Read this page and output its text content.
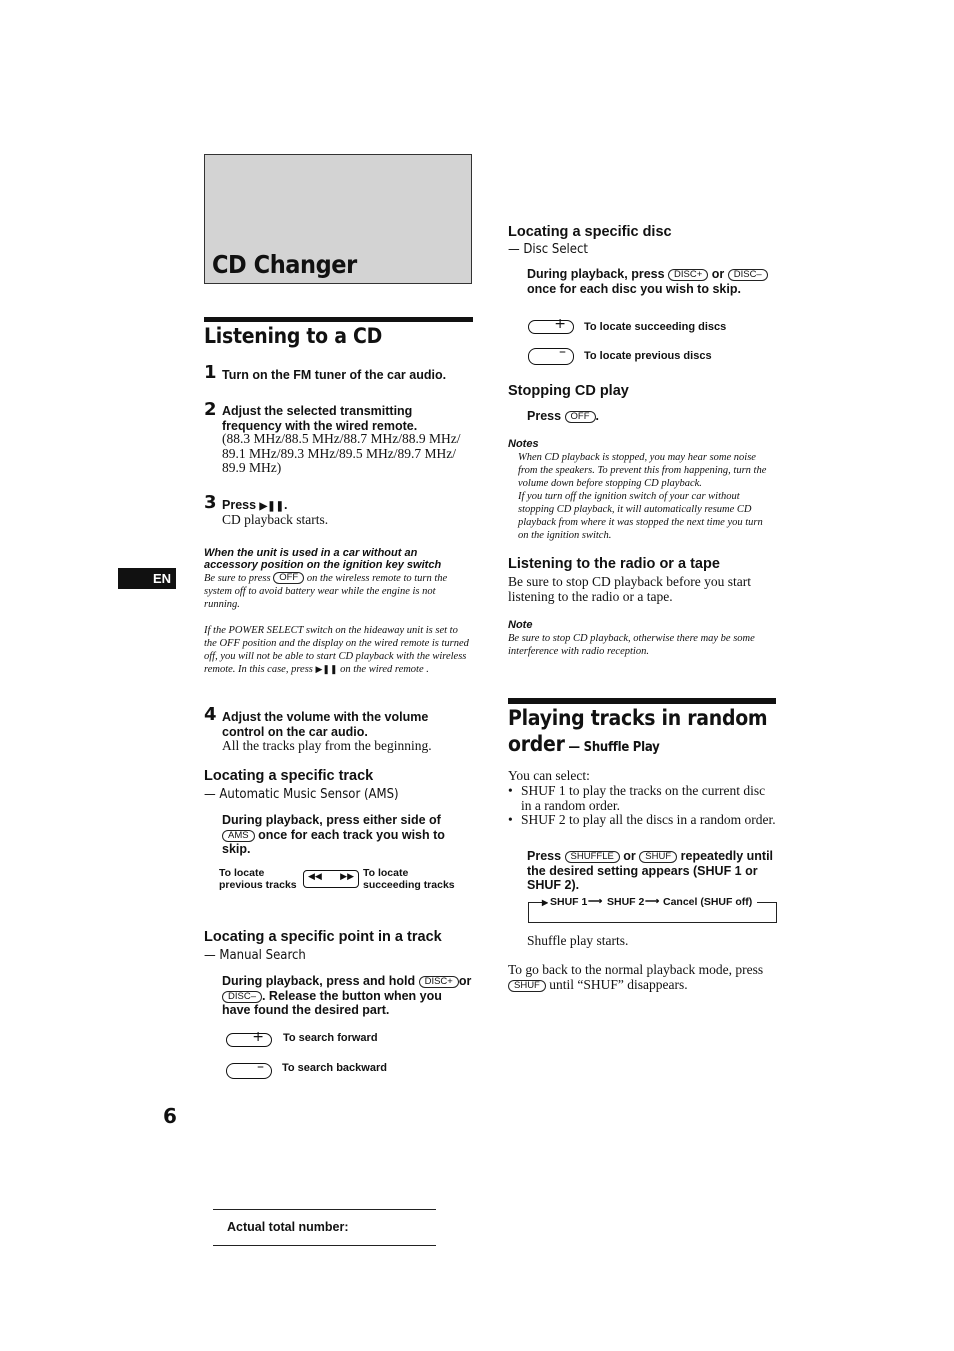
CD Changer
Listening to a CD
1 Turn on the FM tuner of the car audio.
2 Adjust the selected transmitting frequency with the wired remote.
(88.3 MHz/88.5 MHz/88.7 MHz/88.9 MHz/ 89.1 MHz/89.3 MHz/89.5 MHz/89.7 MHz/ 89.9 MHz)
3 Press ▶❚❚.
CD playback starts.
When the unit is used in a car without an accessory position on the ignition key switch
Be sure to press OFF on the wireless remote to turn the system off to avoid battery wear while the engine is not running.
If the POWER SELECT switch on the hideaway unit is set to the OFF position and the display on the wired remote is turned off, you will not be able to start CD playback with the wireless remote. In this case, press ▶❚❚ on the wired remote .
4 Adjust the volume with the volume control on the car audio.
All the tracks play from the beginning.
Locating a specific track
— Automatic Music Sensor (AMS)
During playback, press either side of AMS once for each track you wish to skip.
To locate previous tracks
◀◀ ▶▶ To locate succeeding tracks
Locating a specific point in a track
— Manual Search
During playback, press and hold DISC+ or DISC– . Release the button when you have found the desired part.
+ To search forward
– To search backward
6
Actual total number:
EN
Locating a specific disc
— Disc Select
During playback, press DISC+ or DISC– once for each disc you wish to skip.
+ To locate succeeding discs
– To locate previous discs
Stopping CD play
Press OFF .
Notes
When CD playback is stopped, you may hear some noise from the speakers. To prevent this from happening, turn the volume down before stopping CD playback.
If you turn off the ignition switch of your car without stopping CD playback, it will automatically resume CD playback from where it was stopped the next time you turn on the ignition switch.
Listening to the radio or a tape
Be sure to stop CD playback before you start listening to the radio or a tape.
Note
Be sure to stop CD playback, otherwise there may be some interference with radio reception.
Playing tracks in random
order — Shuffle Play
You can select:
• SHUF 1 to play the tracks on the current disc in a random order.
• SHUF 2 to play all the discs in a random order.
Press SHUFFLE or SHUF repeatedly until the desired setting appears (SHUF 1 or SHUF 2).
▶ SHUF 1 ⟶ SHUF 2 ⟶ Cancel (SHUF off)
Shuffle play starts.
To go back to the normal playback mode, press SHUF until “SHUF” disappears.
